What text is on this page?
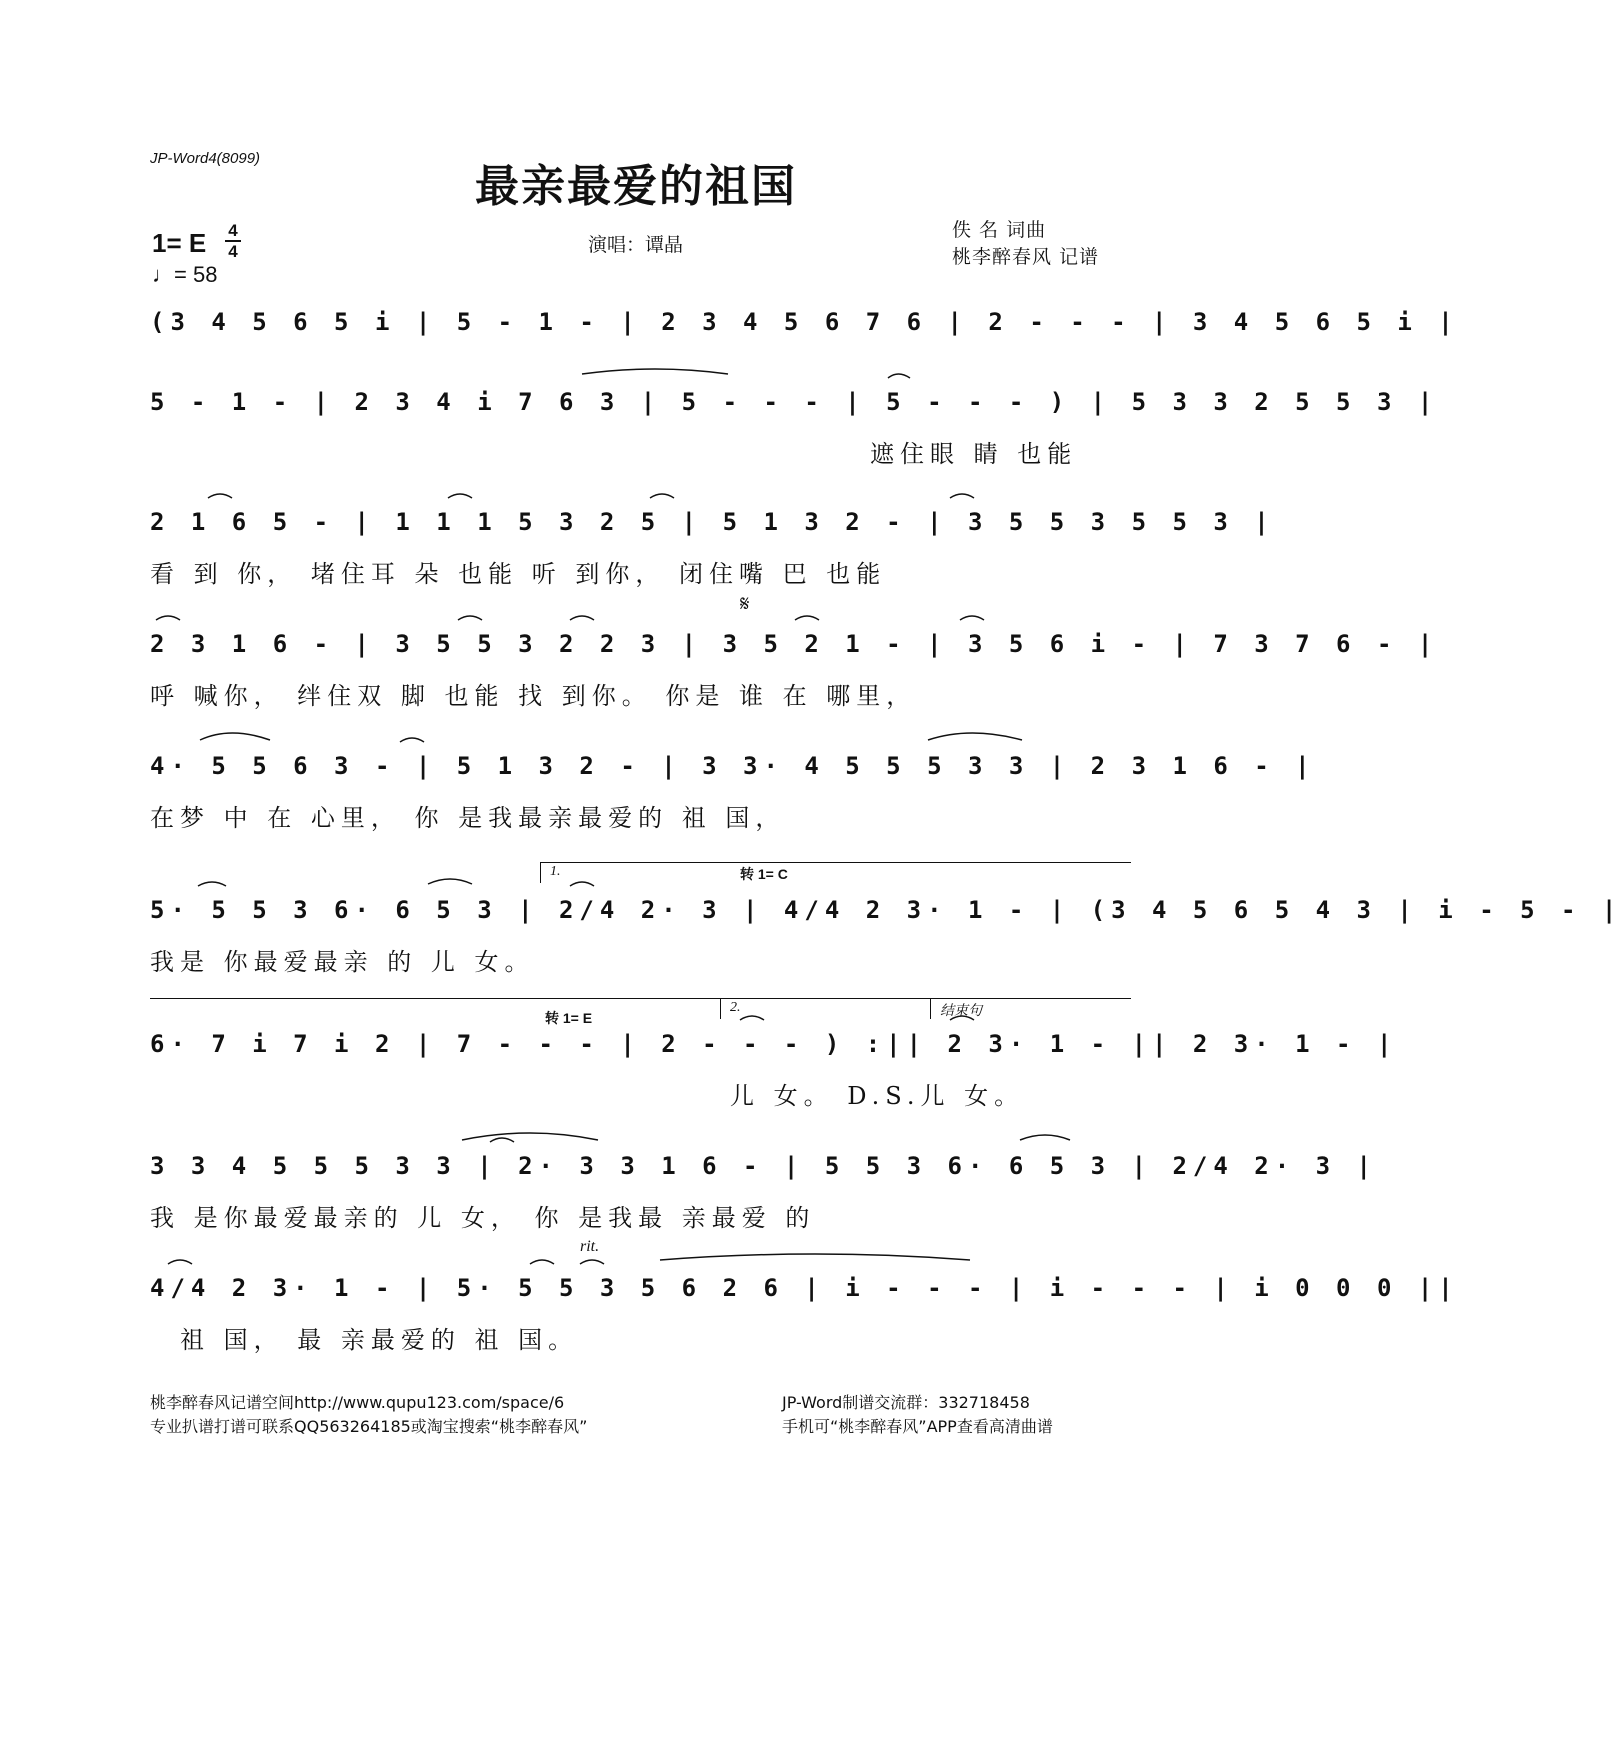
JP-Word4(8099)
最亲最爱的祖国
1= E 4
4
♩= 58
演唱：谭晶
佚 名 词曲
桃李醉春风 记谱
(3 4 5 6 5 i | 5 - 1 - | 2 3 4 5 6 7 6 | 2 - - - | 3 4 5 6 5 i |
5 - 1 - | 2 3 4 i 7 6 3 | 5 - - - | 5 - - - ) | 5 3 3 2 5 5 3 |
遮住眼 睛 也能
2 1 6 5 - | 1 1 1 5 3 2 5 | 5 1 3 2 - | 3 5 5 3 5 5 3 |
看 到 你， 堵住耳 朵 也能 听 到你， 闭住嘴 巴 也能
𝄋
2 3 1 6 - | 3 5 5 3 2 2 3 | 3 5 2 1 - | 3 5 6 i - | 7 3 7 6 - |
呼 喊你， 绊住双 脚 也能 找 到你。 你是 谁 在 哪里，
4· 5 5 6 3 - | 5 1 3 2 - | 3 3· 4 5 5 5 3 3 | 2 3 1 6 - |
在梦 中 在 心里， 你 是我最亲最爱的 祖 国，
1.	转 1= C
5· 5 5 3 6· 6 5 3 | 2/4 2· 3 | 4/4 2 3· 1 - | (3 4 5 6 5 4 3 | i - 5 - |
我是 你最爱最亲 的 儿 女。
转 1= E
2.	结束句
6· 7 i 7 i 2 | 7 - - - | 2 - - - ) :|| 2 3· 1 - || 2 3· 1 - |
儿 女。 D.S.儿 女。
3 3 4 5 5 5 3 3 | 2· 3 3 1 6 - | 5 5 3 6· 6 5 3 | 2/4 2· 3 |
我 是你最爱最亲的 儿 女， 你 是我最 亲最爱 的
rit.
4/4 2 3· 1 - | 5· 5 5 3 5 6 2 6 | i - - - | i - - - | i 0 0 0 ||
祖 国， 最 亲最爱的 祖 国。
桃李醉春风记谱空间http://www.qupu123.com/space/6
专业扒谱打谱可联系QQ563264185或淘宝搜索“桃李醉春风”
JP-Word制谱交流群：332718458
手机可“桃李醉春风”APP查看高清曲谱
